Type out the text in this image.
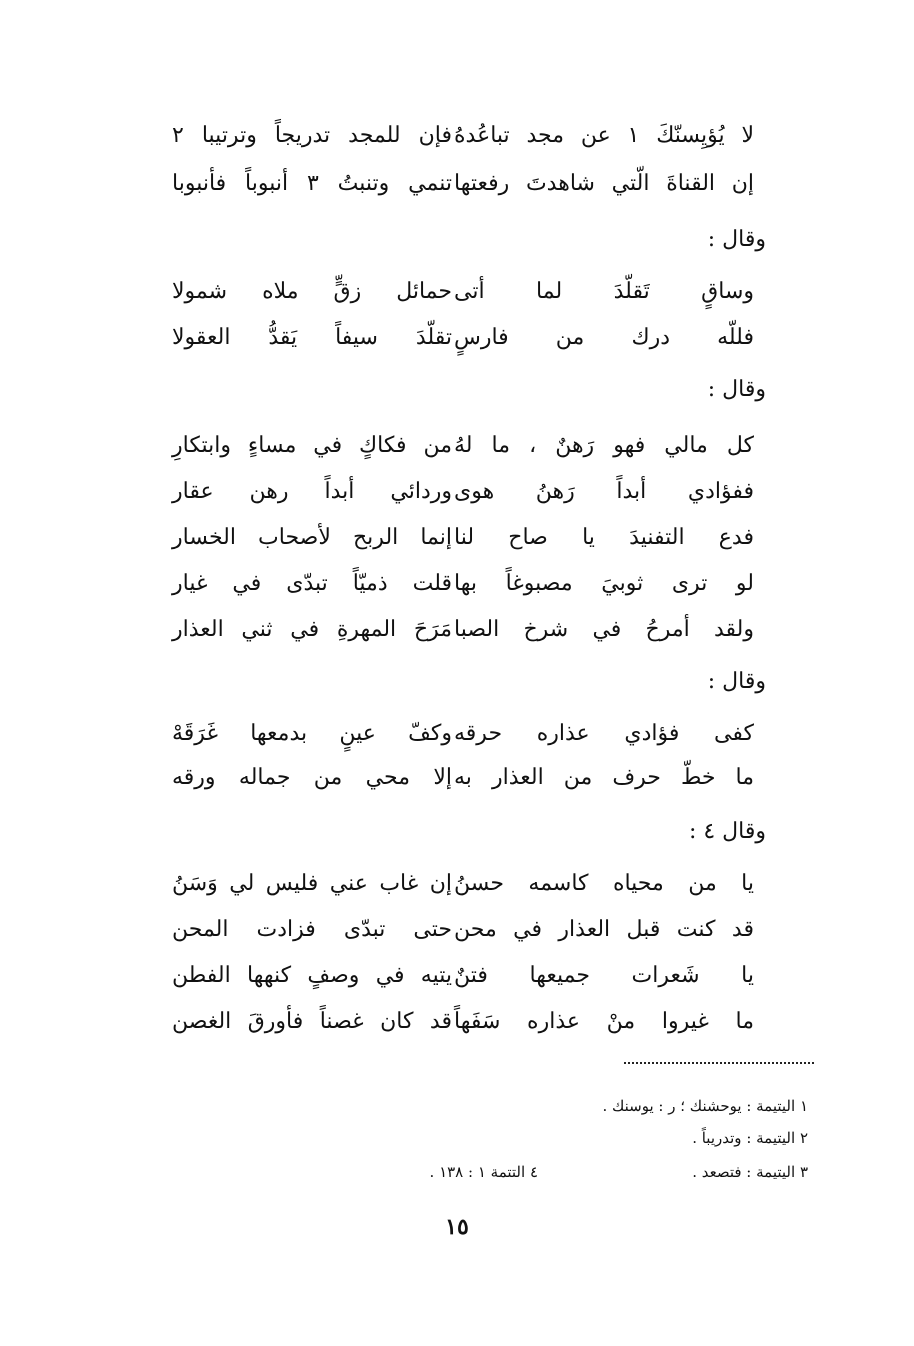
لا يُؤيِسنّكَ ١ عن مجد تباعُدهُ
فإن للمجد تدريجاً وترتيبا ٢
إن القناةَ الّتي شاهدتَ رفعتها
تنمي وتنبتُ ٣ أنبوباً فأنبوبا
وقال :
وساقٍ تَقلّدَ لما أتى
حمائل زقٍّ ملاه شمولا
فللّه درك من فارسٍ
تقلّدَ سيفاً يَقدُّ العقولا
وقال :
كل مالي فهو رَهنٌ ، ما لهُ
من فكاكٍ في مساءٍ وابتكارِ
ففؤادي أبداً رَهنُ هوى
وردائي أبداً رهن عقار
فدع التفنيدَ يا صاح لنا
إنما الربح لأصحاب الخسار
لو ترى ثوبيَ مصبوغاً بها
قلت ذميّاً تبدّى في غيار
ولقد أمرحُ في شرخ الصبا
مَرَحَ المهرةِ في ثني العذار
وقال :
كفى فؤادي عذاره حرقه
وكفّ عينٍ بدمعها غَرَقَهْ
ما خطّ حرف من العذار به
إلا محي من جماله ورقه
وقال ٤ :
يا من محياه كاسمه حسنُ
إن غاب عني فليس لي وَسَنُ
قد كنت قبل العذار في محن
حتى تبدّى فزادت المحن
يا شَعرات جميعها فتنٌ
يتيه في وصفٍ كنهها الفطن
ما غيروا منْ عذاره سَفَهاً
قد كان غصناً فأورقَ الغصن
١ اليتيمة : يوحشنك ؛ ر : يوسنك .
٢ اليتيمة : وتدريباً .
٣ اليتيمة : فتصعد .
٤ التتمة ١ : ١٣٨ .
١٥
